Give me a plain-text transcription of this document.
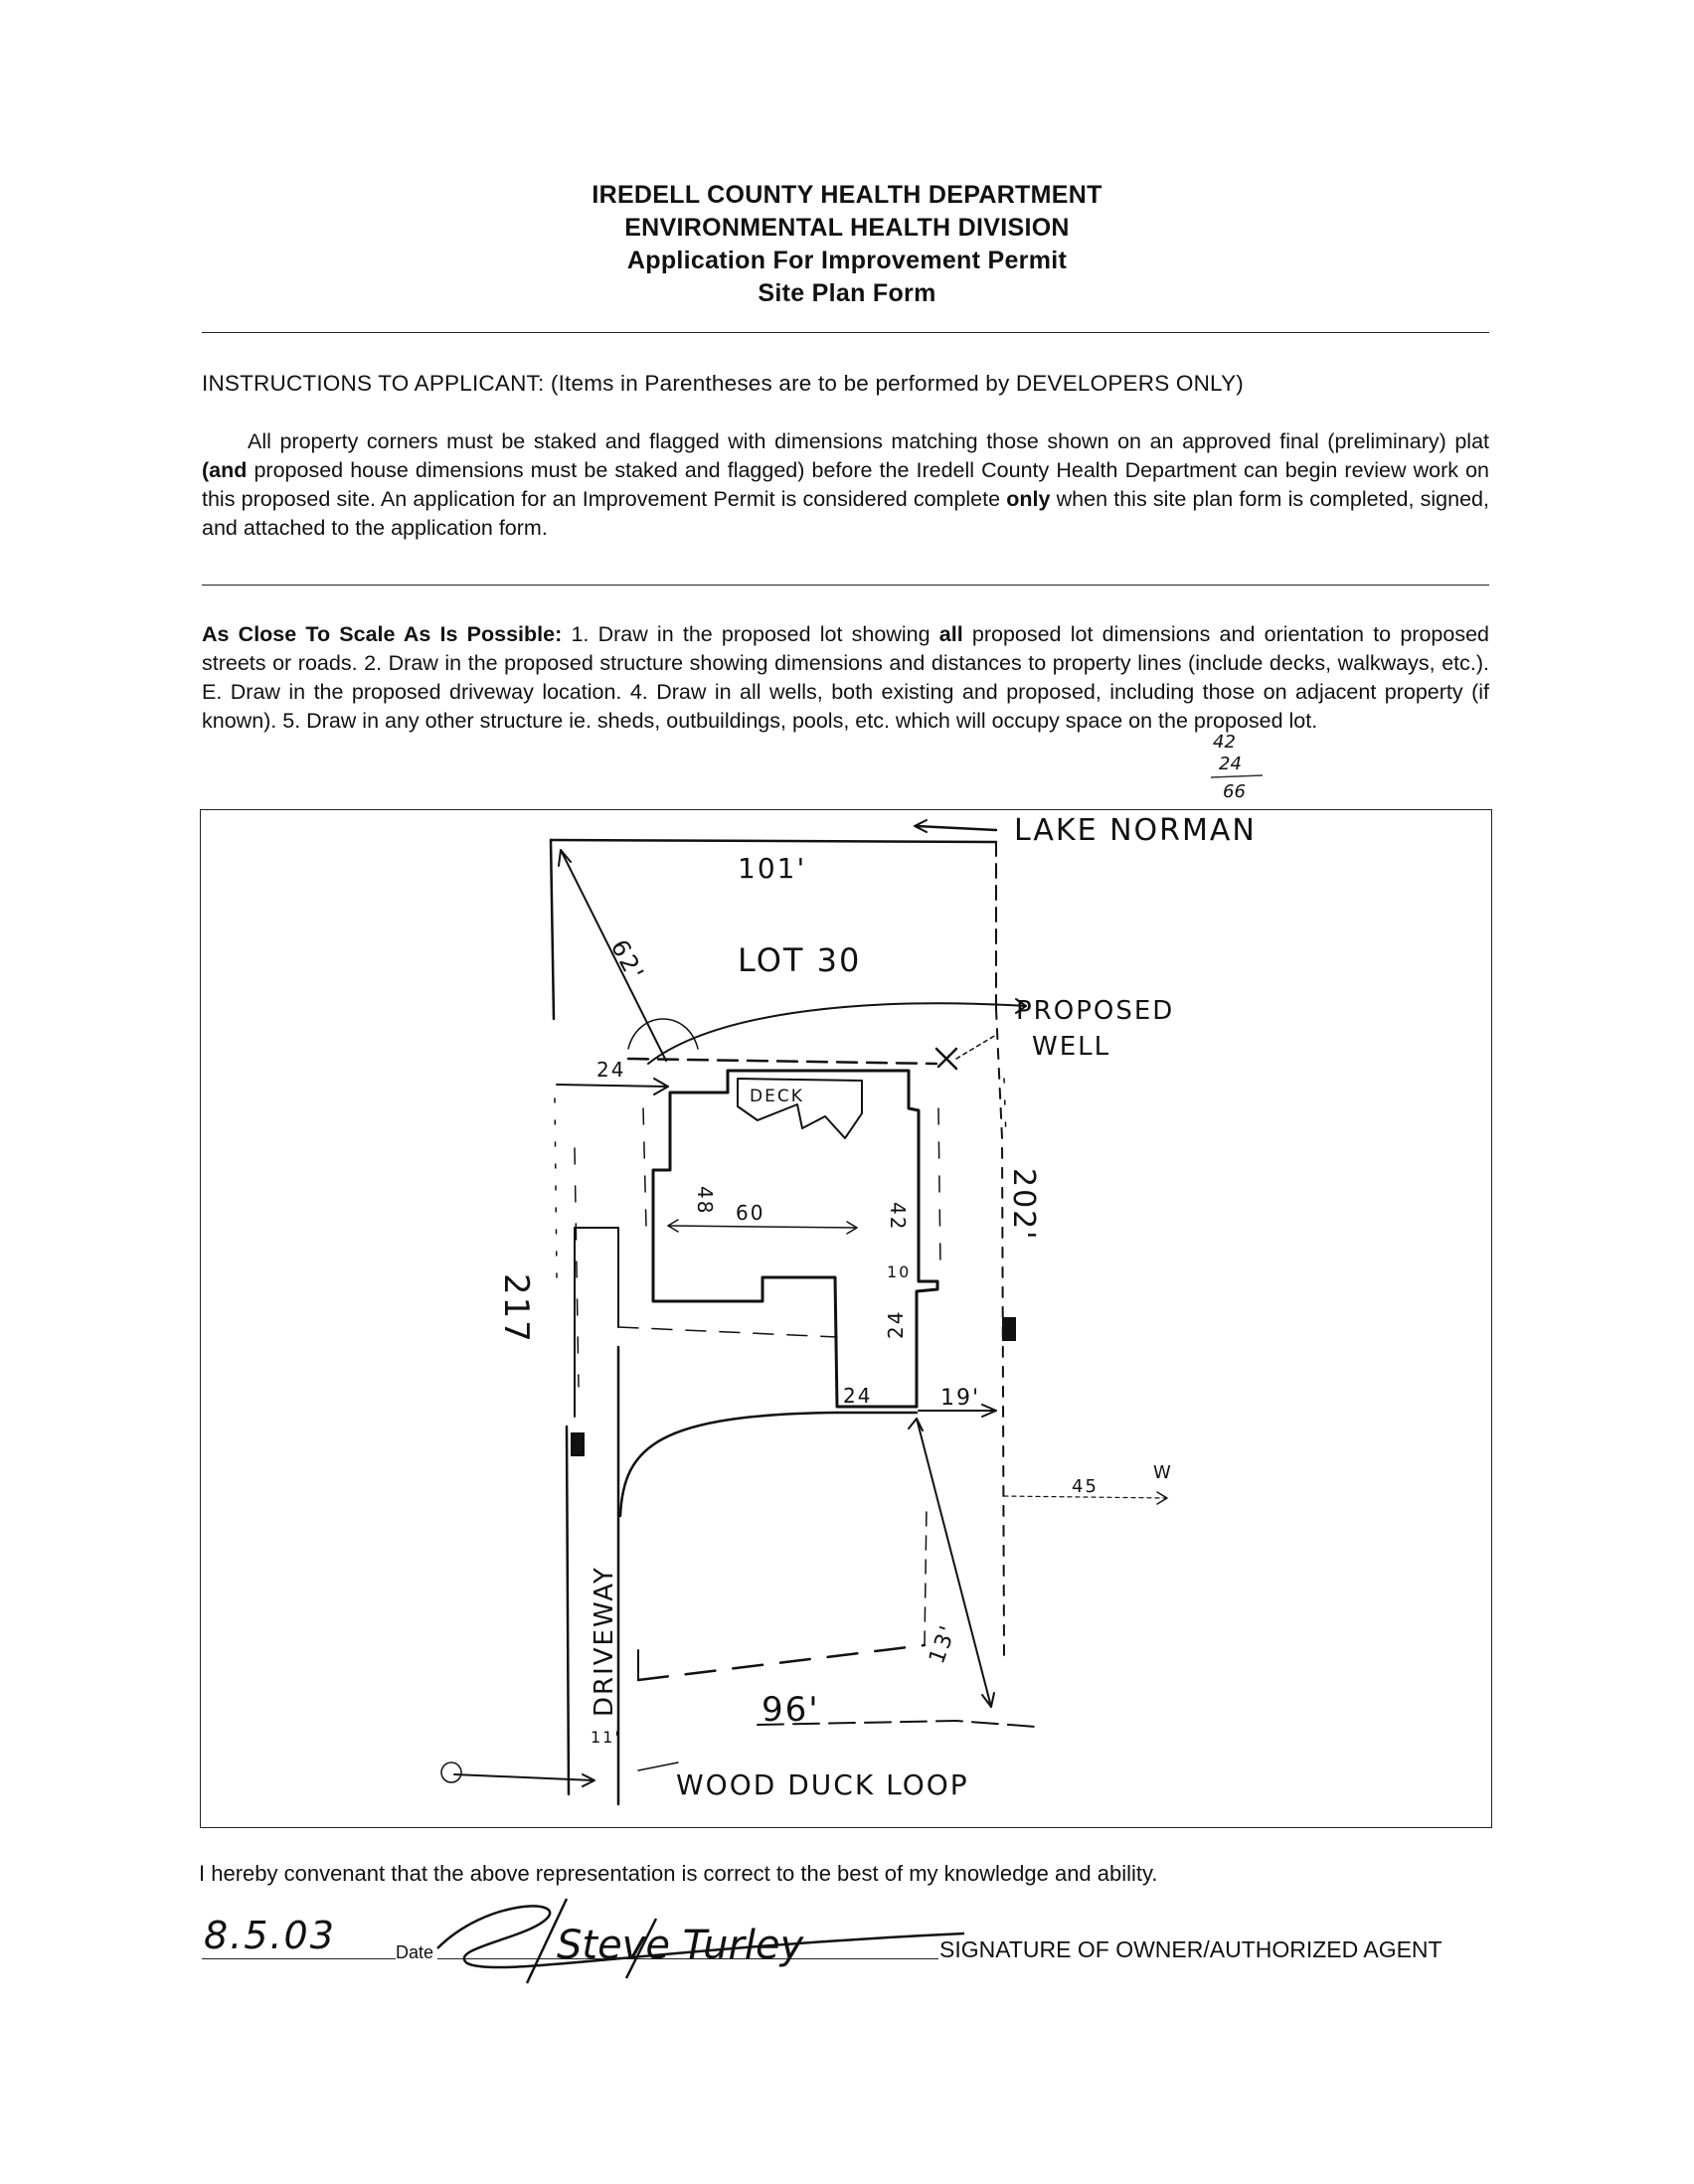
IREDELL COUNTY HEALTH DEPARTMENT
ENVIRONMENTAL HEALTH DIVISION
Application For Improvement Permit
Site Plan Form
INSTRUCTIONS TO APPLICANT: (Items in Parentheses are to be performed by DEVELOPERS ONLY)

All property corners must be staked and flagged with dimensions matching those shown on an approved final (preliminary) plat (and proposed house dimensions must be staked and flagged) before the Iredell County Health Department can begin review work on this proposed site. An application for an Improvement Permit is considered complete only when this site plan form is completed, signed, and attached to the application form.

As Close To Scale As Is Possible: 1. Draw in the proposed lot showing all proposed lot dimensions and orientation to proposed streets or roads. 2. Draw in the proposed structure showing dimensions and distances to property lines (include decks, walkways, etc.). E. Draw in the proposed driveway location. 4. Draw in all wells, both existing and proposed, including those on adjacent property (if known). 5. Draw in any other structure ie. sheds, outbuildings, pools, etc. which will occupy space on the proposed lot.

42
24
66
LAKE NORMAN
101'
LOT 30
62'
PROPOSED
WELL
24
DECK
48 60	42
10
24
24	19'
202'
217
45
W
DRIVEWAY	13'
96'
11'
WOOD DUCK LOOP
I hereby convenant that the above representation is correct to the best of my knowledge and ability.
8.5.03	Date	Steve Turley	SIGNATURE OF OWNER/AUTHORIZED AGENT
